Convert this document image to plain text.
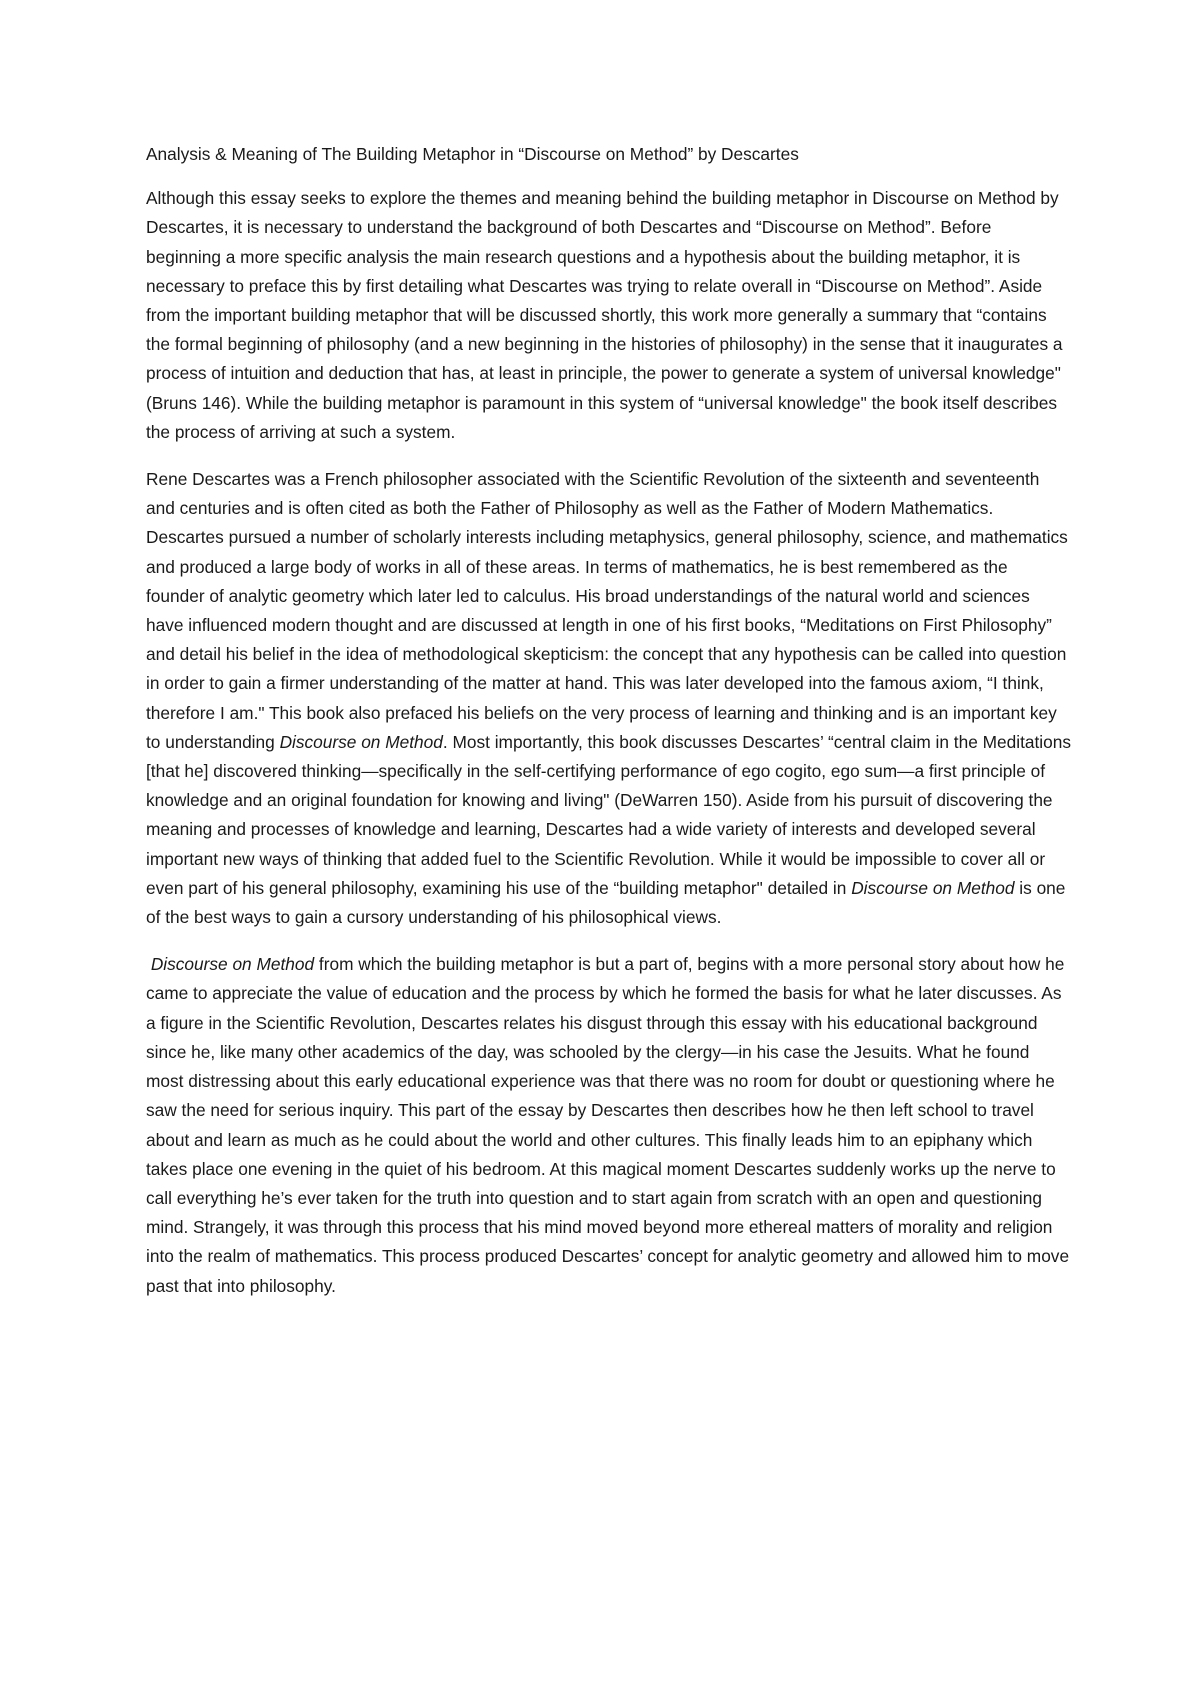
Analysis & Meaning of The Building Metaphor in “Discourse on Method” by Descartes

Although this essay seeks to explore the themes and meaning behind the building metaphor in Discourse on Method by Descartes, it is necessary to understand the background of both Descartes and “Discourse on Method”. Before beginning a more specific analysis the main research questions and a hypothesis about the building metaphor, it is necessary to preface this by first detailing what Descartes was trying to relate overall in “Discourse on Method”. Aside from the important building metaphor that will be discussed shortly, this work more generally a summary that “contains the formal beginning of philosophy (and a new beginning in the histories of philosophy) in the sense that it inaugurates a process of intuition and deduction that has, at least in principle, the power to generate a system of universal knowledge" (Bruns 146). While the building metaphor is paramount in this system of “universal knowledge" the book itself describes the process of arriving at such a system.

Rene Descartes was a French philosopher associated with the Scientific Revolution of the sixteenth and seventeenth and centuries and is often cited as both the Father of Philosophy as well as the Father of Modern Mathematics. Descartes pursued a number of scholarly interests including metaphysics, general philosophy, science, and mathematics and produced a large body of works in all of these areas. In terms of mathematics, he is best remembered as the founder of analytic geometry which later led to calculus. His broad understandings of the natural world and sciences have influenced modern thought and are discussed at length in one of his first books, “Meditations on First Philosophy” and detail his belief in the idea of methodological skepticism: the concept that any hypothesis can be called into question in order to gain a firmer understanding of the matter at hand. This was later developed into the famous axiom, “I think, therefore I am." This book also prefaced his beliefs on the very process of learning and thinking and is an important key to understanding Discourse on Method. Most importantly, this book discusses Descartes’ “central claim in the Meditations [that he] discovered thinking—specifically in the self-certifying performance of ego cogito, ego sum—a first principle of knowledge and an original foundation for knowing and living" (DeWarren 150). Aside from his pursuit of discovering the meaning and processes of knowledge and learning, Descartes had a wide variety of interests and developed several important new ways of thinking that added fuel to the Scientific Revolution. While it would be impossible to cover all or even part of his general philosophy, examining his use of the “building metaphor" detailed in Discourse on Method is one of the best ways to gain a cursory understanding of his philosophical views.

Discourse on Method from which the building metaphor is but a part of, begins with a more personal story about how he came to appreciate the value of education and the process by which he formed the basis for what he later discusses. As a figure in the Scientific Revolution, Descartes relates his disgust through this essay with his educational background since he, like many other academics of the day, was schooled by the clergy—in his case the Jesuits. What he found most distressing about this early educational experience was that there was no room for doubt or questioning where he saw the need for serious inquiry. This part of the essay by Descartes then describes how he then left school to travel about and learn as much as he could about the world and other cultures. This finally leads him to an epiphany which takes place one evening in the quiet of his bedroom. At this magical moment Descartes suddenly works up the nerve to call everything he’s ever taken for the truth into question and to start again from scratch with an open and questioning mind. Strangely, it was through this process that his mind moved beyond more ethereal matters of morality and religion into the realm of mathematics. This process produced Descartes’ concept for analytic geometry and allowed him to move past that into philosophy.
